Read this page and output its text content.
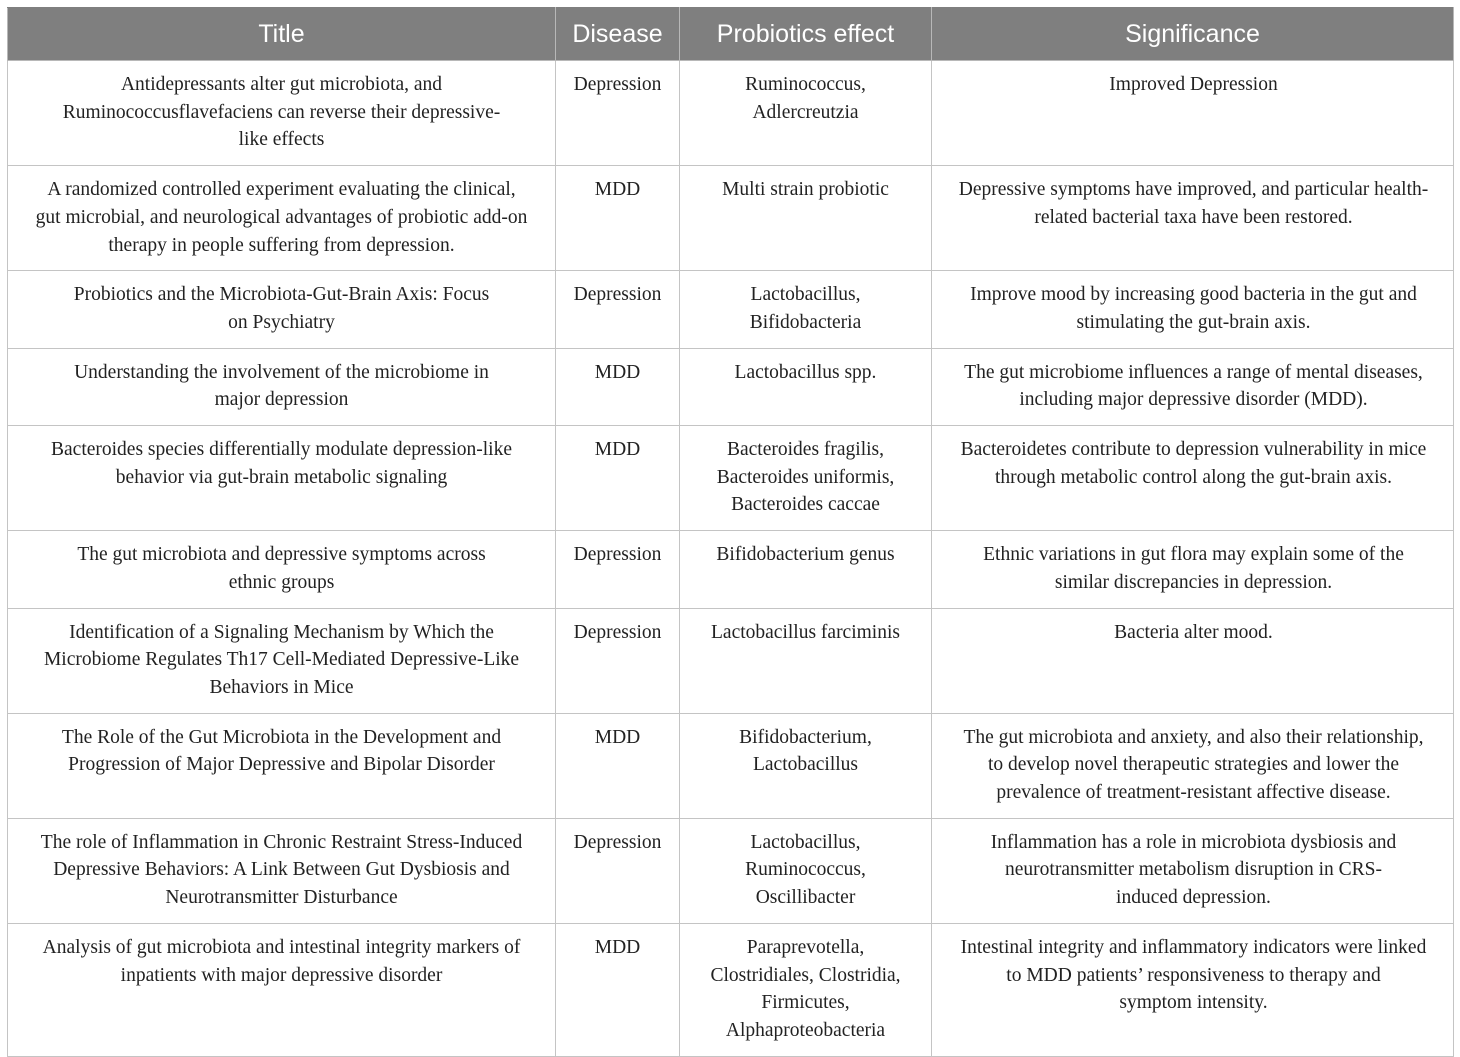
Title	Disease	Probiotics effect	Significance

Antidepressants alter gut microbiota, and
Ruminococcusflavefaciens can reverse their depressive-
like effects	Depression	Ruminococcus,
Adlercreutzia	Improved Depression

A randomized controlled experiment evaluating the clinical,
gut microbial, and neurological advantages of probiotic add-on
therapy in people suffering from depression.	MDD	Multi strain probiotic	Depressive symptoms have improved, and particular health-
related bacterial taxa have been restored.

Probiotics and the Microbiota-Gut-Brain Axis: Focus
on Psychiatry	Depression	Lactobacillus,
Bifidobacteria	Improve mood by increasing good bacteria in the gut and
stimulating the gut-brain axis.

Understanding the involvement of the microbiome in
major depression	MDD	Lactobacillus spp.	The gut microbiome influences a range of mental diseases,
including major depressive disorder (MDD).

Bacteroides species differentially modulate depression-like
behavior via gut-brain metabolic signaling	MDD	Bacteroides fragilis,
Bacteroides uniformis,
Bacteroides caccae	Bacteroidetes contribute to depression vulnerability in mice
through metabolic control along the gut-brain axis.

The gut microbiota and depressive symptoms across
ethnic groups	Depression	Bifidobacterium genus	Ethnic variations in gut flora may explain some of the
similar discrepancies in depression.

Identification of a Signaling Mechanism by Which the
Microbiome Regulates Th17 Cell-Mediated Depressive-Like
Behaviors in Mice	Depression	Lactobacillus farciminis	Bacteria alter mood.

The Role of the Gut Microbiota in the Development and
Progression of Major Depressive and Bipolar Disorder	MDD	Bifidobacterium,
Lactobacillus	The gut microbiota and anxiety, and also their relationship,
to develop novel therapeutic strategies and lower the
prevalence of treatment-resistant affective disease.

The role of Inflammation in Chronic Restraint Stress-Induced
Depressive Behaviors: A Link Between Gut Dysbiosis and
Neurotransmitter Disturbance	Depression	Lactobacillus,
Ruminococcus,
Oscillibacter	Inflammation has a role in microbiota dysbiosis and
neurotransmitter metabolism disruption in CRS-
induced depression.

Analysis of gut microbiota and intestinal integrity markers of
inpatients with major depressive disorder	MDD	Paraprevotella,
Clostridiales, Clostridia,
Firmicutes,
Alphaproteobacteria	Intestinal integrity and inflammatory indicators were linked
to MDD patients’ responsiveness to therapy and
symptom intensity.
